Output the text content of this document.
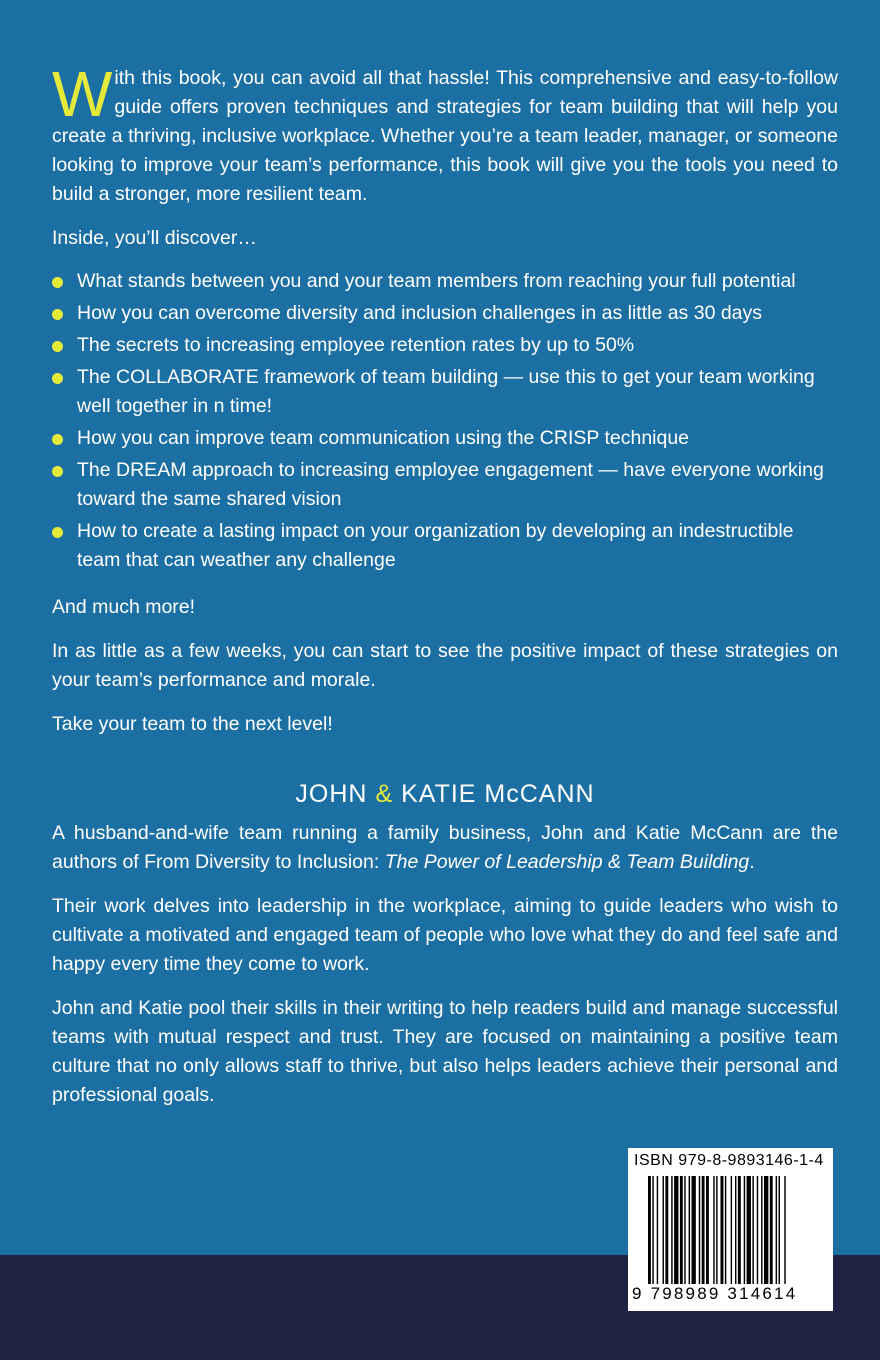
W ith this book, you can avoid all that hassle! This comprehensive and easy-to-follow guide offers proven techniques and strategies for team building that will help you create a thriving, inclusive workplace. Whether you’re a team leader, manager, or someone looking to improve your team’s performance, this book will give you the tools you need to build a stronger, more resilient team.

Inside, you’ll discover…

What stands between you and your team members from reaching your full potential
How you can overcome diversity and inclusion challenges in as little as 30 days
The secrets to increasing employee retention rates by up to 50%
The COLLABORATE framework of team building — use this to get your team working well together in n time!
How you can improve team communication using the CRISP technique
The DREAM approach to increasing employee engagement — have everyone working toward the same shared vision
How to create a lasting impact on your organization by developing an indestructible team that can weather any challenge

And much more!

In as little as a few weeks, you can start to see the positive impact of these strategies on your team’s performance and morale.

Take your team to the next level!

JOHN & KATIE McCANN

A husband-and-wife team running a family business, John and Katie McCann are the authors of From Diversity to Inclusion: The Power of Leadership & Team Building.

Their work delves into leadership in the workplace, aiming to guide leaders who wish to cultivate a motivated and engaged team of people who love what they do and feel safe and happy every time they come to work.

John and Katie pool their skills in their writing to help readers build and manage successful teams with mutual respect and trust. They are focused on maintaining a positive team culture that no only allows staff to thrive, but also helps leaders achieve their personal and professional goals.

ISBN 979-8-9893146-1-4
9 798989 314614
